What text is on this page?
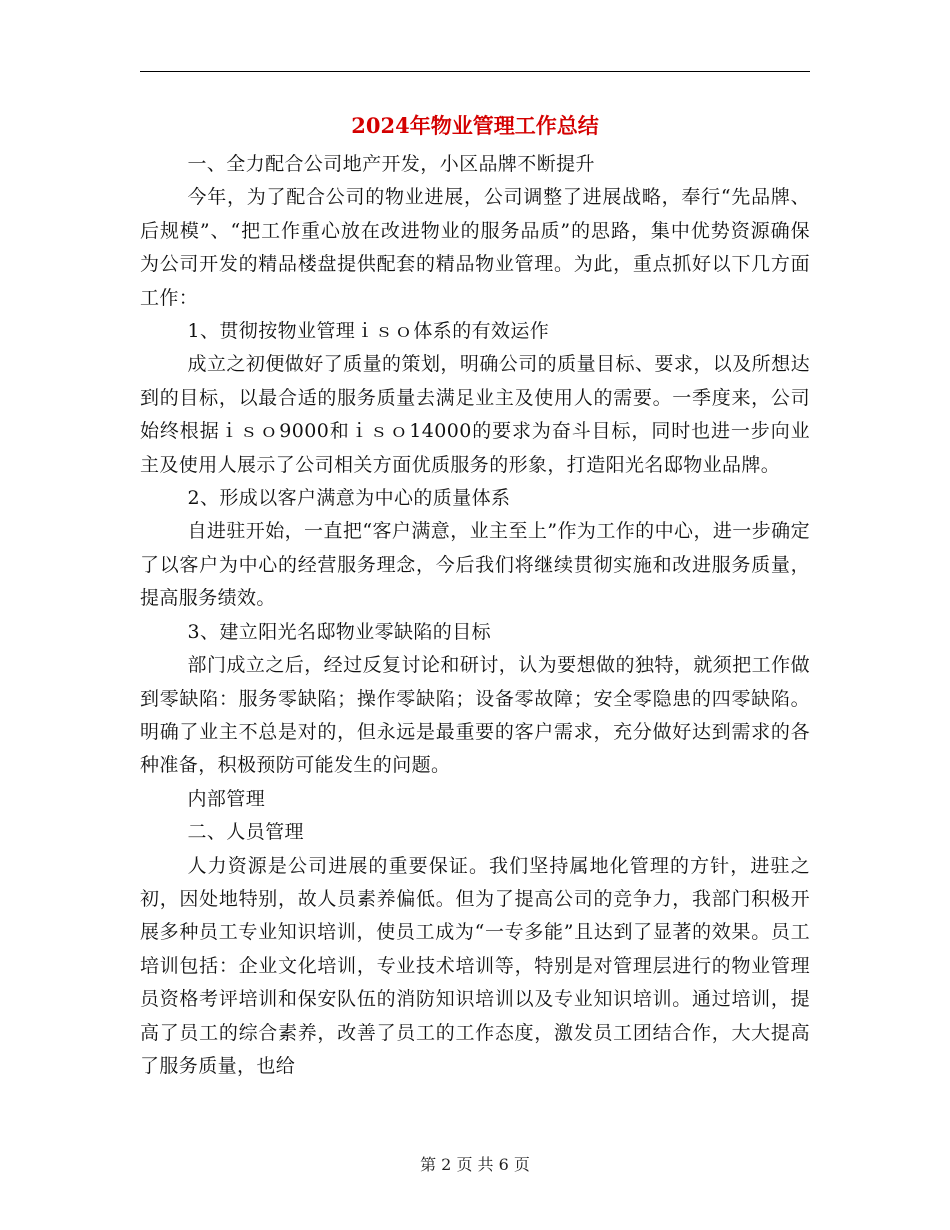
2024年物业管理工作总结

一、全力配合公司地产开发，小区品牌不断提升

今年，为了配合公司的物业进展，公司调整了进展战略，奉行“先品牌、后规模”、“把工作重心放在改进物业的服务品质”的思路，集中优势资源确保为公司开发的精品楼盘提供配套的精品物业管理。为此，重点抓好以下几方面工作：

1、贯彻按物业管理ｉｓｏ体系的有效运作

成立之初便做好了质量的策划，明确公司的质量目标、要求，以及所想达到的目标，以最合适的服务质量去满足业主及使用人的需要。一季度来，公司始终根据ｉｓｏ9000和ｉｓｏ14000的要求为奋斗目标，同时也进一步向业主及使用人展示了公司相关方面优质服务的形象，打造阳光名邸物业品牌。

2、形成以客户满意为中心的质量体系

自进驻开始，一直把“客户满意，业主至上”作为工作的中心，进一步确定了以客户为中心的经营服务理念，今后我们将继续贯彻实施和改进服务质量，提高服务绩效。

3、建立阳光名邸物业零缺陷的目标

部门成立之后，经过反复讨论和研讨，认为要想做的独特，就须把工作做到零缺陷：服务零缺陷；操作零缺陷；设备零故障；安全零隐患的四零缺陷。明确了业主不总是对的，但永远是最重要的客户需求，充分做好达到需求的各种准备，积极预防可能发生的问题。

内部管理

二、人员管理

人力资源是公司进展的重要保证。我们坚持属地化管理的方针，进驻之初，因处地特别，故人员素养偏低。但为了提高公司的竞争力，我部门积极开展多种员工专业知识培训，使员工成为“一专多能”且达到了显著的效果。员工培训包括：企业文化培训，专业技术培训等，特别是对管理层进行的物业管理员资格考评培训和保安队伍的消防知识培训以及专业知识培训。通过培训，提高了员工的综合素养，改善了员工的工作态度，激发员工团结合作，大大提高了服务质量，也给

第 2 页 共 6 页
